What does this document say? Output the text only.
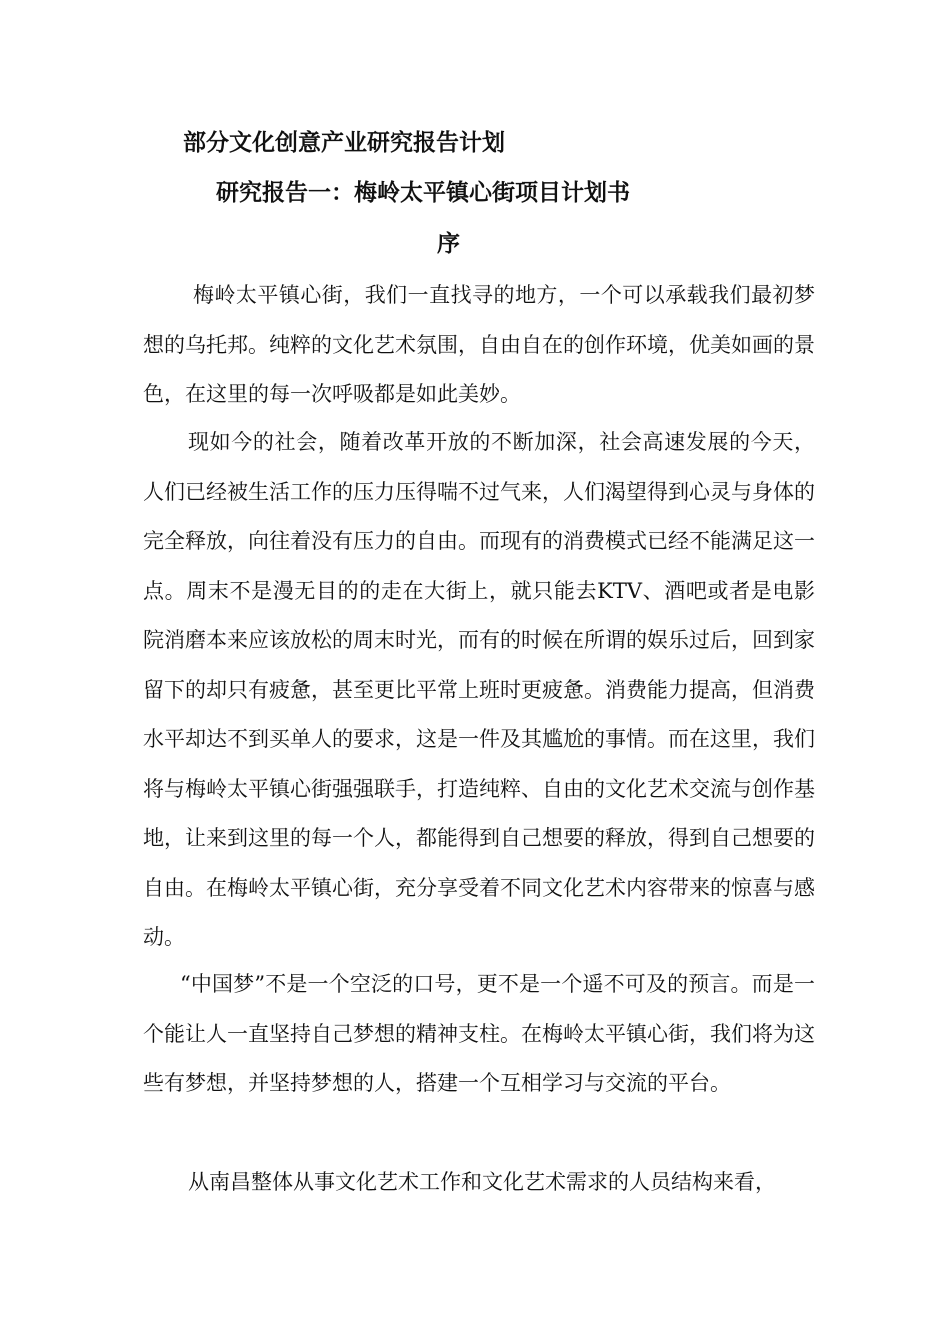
部分文化创意产业研究报告计划
研究报告一：梅岭太平镇心街项目计划书
序

梅岭太平镇心街，我们一直找寻的地方，一个可以承载我们最初梦想的乌托邦。纯粹的文化艺术氛围，自由自在的创作环境，优美如画的景色，在这里的每一次呼吸都是如此美妙。

现如今的社会，随着改革开放的不断加深，社会高速发展的今天，人们已经被生活工作的压力压得喘不过气来，人们渴望得到心灵与身体的完全释放，向往着没有压力的自由。而现有的消费模式已经不能满足这一点。周末不是漫无目的的走在大街上，就只能去KTV、酒吧或者是电影院消磨本来应该放松的周末时光，而有的时候在所谓的娱乐过后，回到家留下的却只有疲惫，甚至更比平常上班时更疲惫。消费能力提高，但消费水平却达不到买单人的要求，这是一件及其尴尬的事情。而在这里，我们将与梅岭太平镇心街强强联手，打造纯粹、自由的文化艺术交流与创作基地，让来到这里的每一个人，都能得到自己想要的释放，得到自己想要的自由。在梅岭太平镇心街，充分享受着不同文化艺术内容带来的惊喜与感动。

“中国梦”不是一个空泛的口号，更不是一个遥不可及的预言。而是一个能让人一直坚持自己梦想的精神支柱。在梅岭太平镇心街，我们将为这些有梦想，并坚持梦想的人，搭建一个互相学习与交流的平台。

从南昌整体从事文化艺术工作和文化艺术需求的人员结构来看，
